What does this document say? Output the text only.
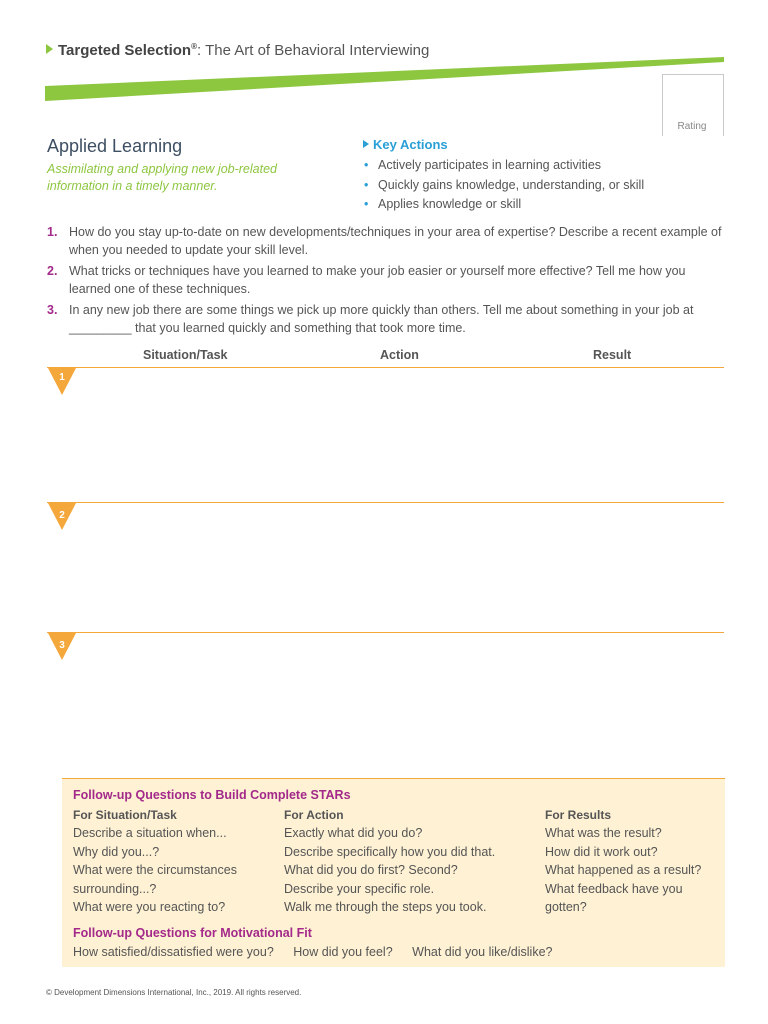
Targeted Selection®: The Art of Behavioral Interviewing
Rating
Applied Learning
Assimilating and applying new job-related information in a timely manner.
Key Actions
• Actively participates in learning activities
• Quickly gains knowledge, understanding, or skill
• Applies knowledge or skill
1. How do you stay up-to-date on new developments/techniques in your area of expertise? Describe a recent example of when you needed to update your skill level.
2. What tricks or techniques have you learned to make your job easier or yourself more effective? Tell me how you learned one of these techniques.
3. In any new job there are some things we pick up more quickly than others. Tell me about something in your job at _________ that you learned quickly and something that took more time.
Situation/Task	Action	Result
1
2
3
Follow-up Questions to Build Complete STARs
For Situation/Task
Describe a situation when...
Why did you...?
What were the circumstances
surrounding...?
What were you reacting to?
For Action
Exactly what did you do?
Describe specifically how you did that.
What did you do first? Second?
Describe your specific role.
Walk me through the steps you took.
For Results
What was the result?
How did it work out?
What happened as a result?
What feedback have you
gotten?
Follow-up Questions for Motivational Fit
How satisfied/dissatisfied were you? How did you feel? What did you like/dislike?
© Development Dimensions International, Inc., 2019. All rights reserved.
